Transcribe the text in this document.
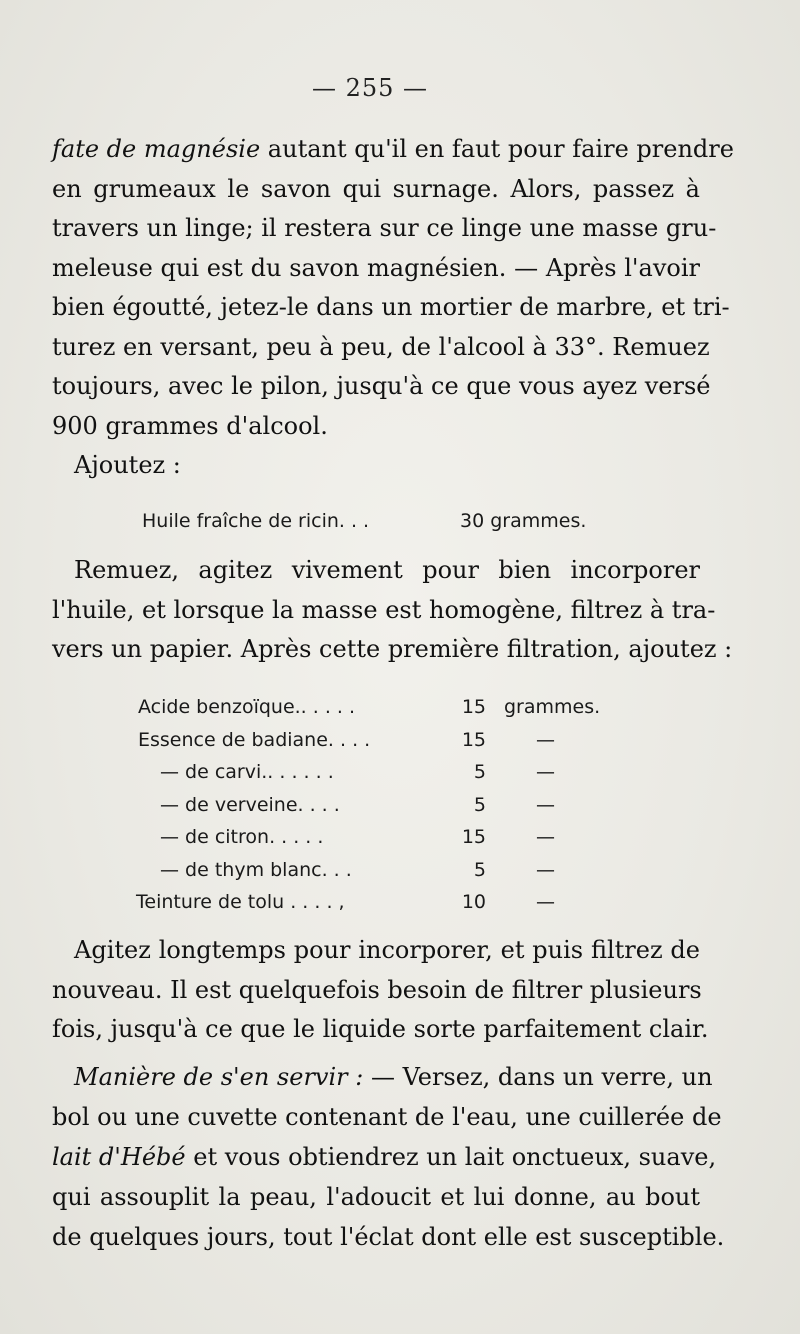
— 255 —
fate de magnésie autant qu'il en faut pour faire prendre
en grumeaux le savon qui surnage. Alors, passez à
travers un linge; il restera sur ce linge une masse gru-
meleuse qui est du savon magnésien. — Après l'avoir
bien égoutté, jetez-le dans un mortier de marbre, et tri-
turez en versant, peu à peu, de l'alcool à 33°. Remuez
toujours, avec le pilon, jusqu'à ce que vous ayez versé
900 grammes d'alcool.
Ajoutez :
Huile fraîche de ricin. . .	30 grammes.
Remuez, agitez vivement pour bien incorporer
l'huile, et lorsque la masse est homogène, filtrez à tra-
vers un papier. Après cette première filtration, ajoutez :
Acide benzoïque.. . . . .	15 grammes.
Essence de badiane. . . .	15	—
— de carvi.. . . . . .	5	—
— de verveine. . . .	5	—
— de citron. . . . .	15	—
— de thym blanc. . .	5	—
Teinture de tolu . . . . ,	10	—
Agitez longtemps pour incorporer, et puis filtrez de
nouveau. Il est quelquefois besoin de filtrer plusieurs
fois, jusqu'à ce que le liquide sorte parfaitement clair.
Manière de s'en servir : — Versez, dans un verre, un
bol ou une cuvette contenant de l'eau, une cuillerée de
lait d'Hébé et vous obtiendrez un lait onctueux, suave,
qui assouplit la peau, l'adoucit et lui donne, au bout
de quelques jours, tout l'éclat dont elle est susceptible.
